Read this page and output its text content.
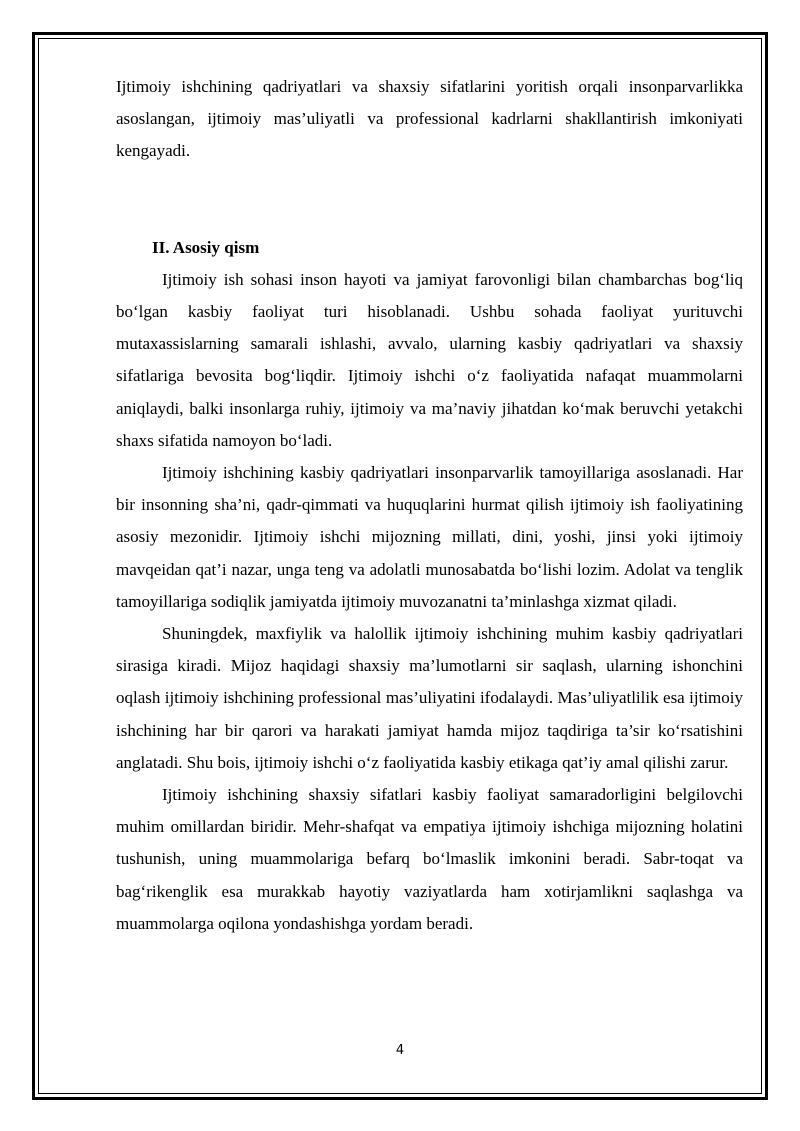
Ijtimoiy ishchining qadriyatlari va shaxsiy sifatlarini yoritish orqali insonparvarlikka asoslangan, ijtimoiy mas’uliyatli va professional kadrlarni shakllantirish imkoniyati kengayadi.

II. Asosiy qism

Ijtimoiy ish sohasi inson hayoti va jamiyat farovonligi bilan chambarchas bog‘liq bo‘lgan kasbiy faoliyat turi hisoblanadi. Ushbu sohada faoliyat yurituvchi mutaxassislarning samarali ishlashi, avvalo, ularning kasbiy qadriyatlari va shaxsiy sifatlariga bevosita bog‘liqdir. Ijtimoiy ishchi o‘z faoliyatida nafaqat muammolarni aniqlaydi, balki insonlarga ruhiy, ijtimoiy va ma’naviy jihatdan ko‘mak beruvchi yetakchi shaxs sifatida namoyon bo‘ladi.

Ijtimoiy ishchining kasbiy qadriyatlari insonparvarlik tamoyillariga asoslanadi. Har bir insonning sha’ni, qadr-qimmati va huquqlarini hurmat qilish ijtimoiy ish faoliyatining asosiy mezonidir. Ijtimoiy ishchi mijozning millati, dini, yoshi, jinsi yoki ijtimoiy mavqeidan qat’i nazar, unga teng va adolatli munosabatda bo‘lishi lozim. Adolat va tenglik tamoyillariga sodiqlik jamiyatda ijtimoiy muvozanatni ta’minlashga xizmat qiladi.

Shuningdek, maxfiylik va halollik ijtimoiy ishchining muhim kasbiy qadriyatlari sirasiga kiradi. Mijoz haqidagi shaxsiy ma’lumotlarni sir saqlash, ularning ishonchini oqlash ijtimoiy ishchining professional mas’uliyatini ifodalaydi. Mas’uliyatlilik esa ijtimoiy ishchining har bir qarori va harakati jamiyat hamda mijoz taqdiriga ta’sir ko‘rsatishini anglatadi. Shu bois, ijtimoiy ishchi o‘z faoliyatida kasbiy etikaga qat’iy amal qilishi zarur.

Ijtimoiy ishchining shaxsiy sifatlari kasbiy faoliyat samaradorligini belgilovchi muhim omillardan biridir. Mehr-shafqat va empatiya ijtimoiy ishchiga mijozning holatini tushunish, uning muammolariga befarq bo‘lmaslik imkonini beradi. Sabr-toqat va bag‘rikenglik esa murakkab hayotiy vaziyatlarda ham xotirjamlikni saqlashga va muammolarga oqilona yondashishga yordam beradi.

4
